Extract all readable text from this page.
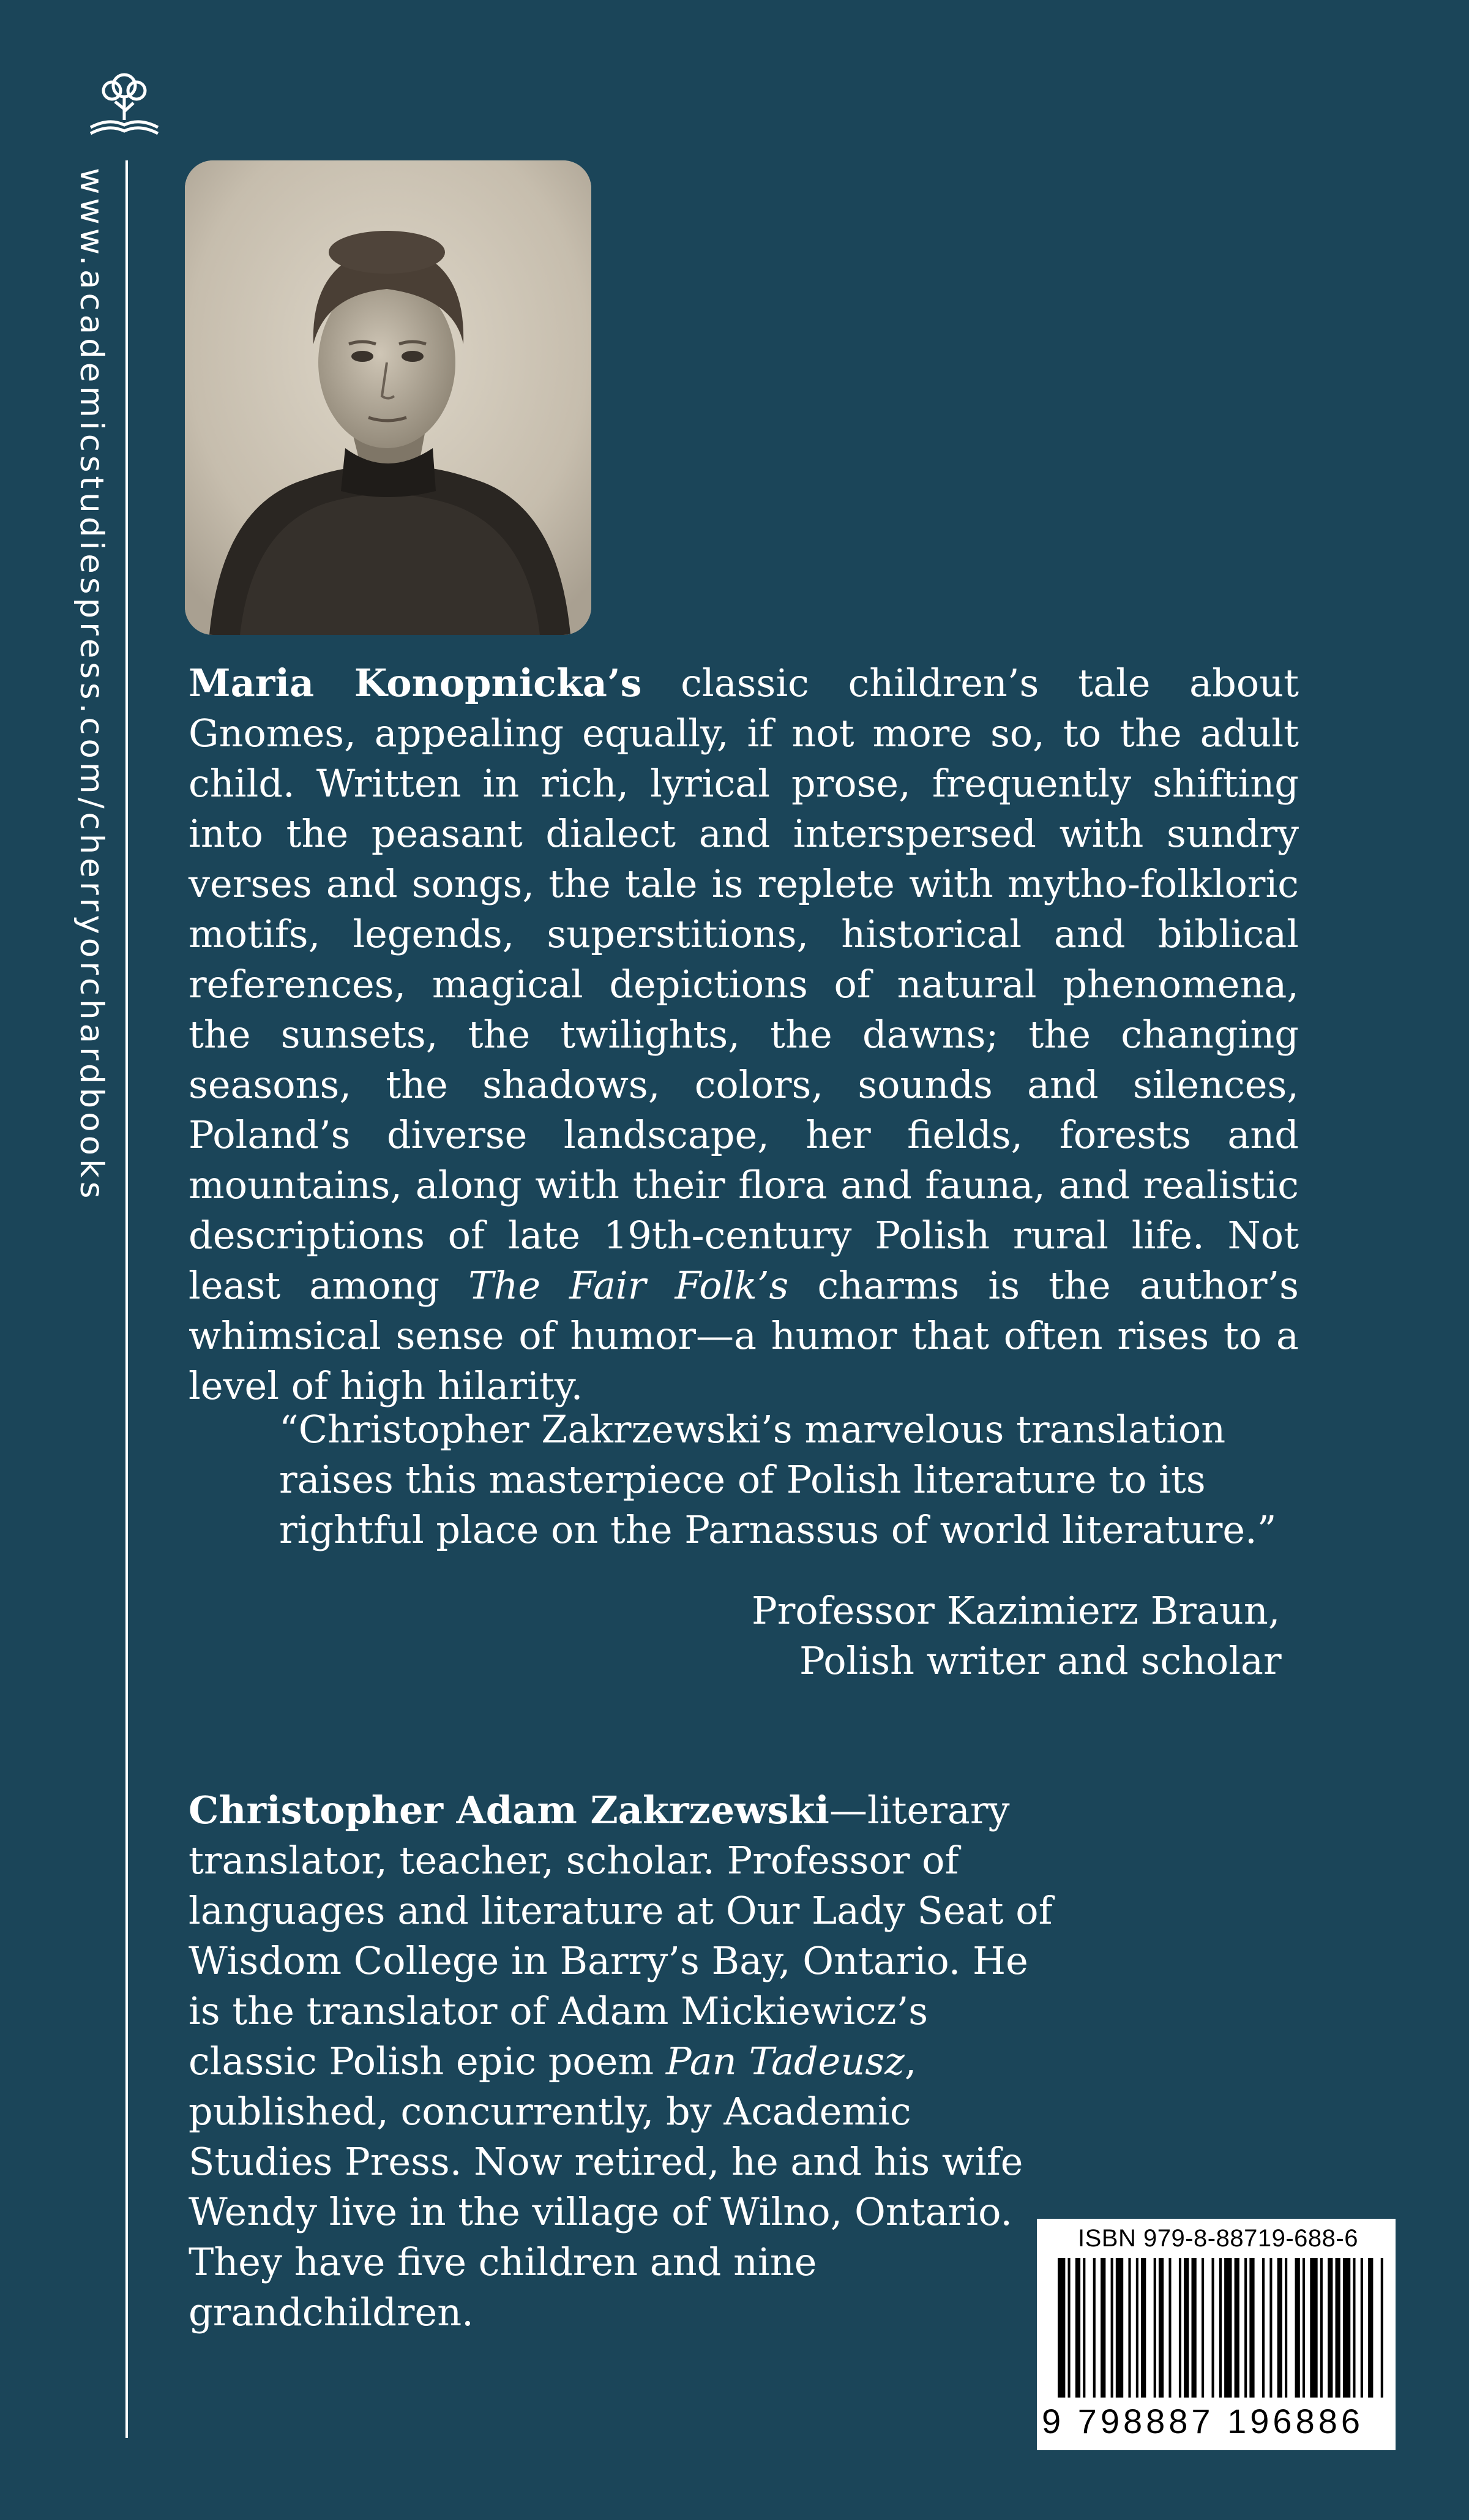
www.academicstudiespress.com/cherryorchardbooks Maria Konopnicka’s classic children’s tale about Gnomes, appealing equally, if not more so, to the adult child. Written in rich, lyrical prose, frequently shifting into the peasant dialect and interspersed with sundry verses and songs, the tale is replete with mytho-folkloric motifs, legends, superstitions, historical and biblical references, magical depictions of natural phenomena, the sunsets, the twilights, the dawns; the changing seasons, the shadows, colors, sounds and silences, Poland’s diverse landscape, her fields, forests and mountains, along with their flora and fauna, and realistic descriptions of late 19th-century Polish rural life. Not least among The Fair Folk’s charms is the author’s whimsical sense of humor—a humor that often rises to a level of high hilarity.
“Christopher Zakrzewski’s marvelous translation raises this masterpiece of Polish literature to its rightful place on the Parnassus of world literature.”
Professor Kazimierz Braun,
Polish writer and scholar
Christopher Adam Zakrzewski—literary translator, teacher, scholar. Professor of languages and literature at Our Lady Seat of Wisdom College in Barry’s Bay, Ontario. He is the translator of Adam Mickiewicz’s classic Polish epic poem Pan Tadeusz, published, concurrently, by Academic Studies Press. Now retired, he and his wife Wendy live in the village of Wilno, Ontario. They have five children and nine grandchildren.
ISBN 979-8-88719-688-6
9 798887 196886
